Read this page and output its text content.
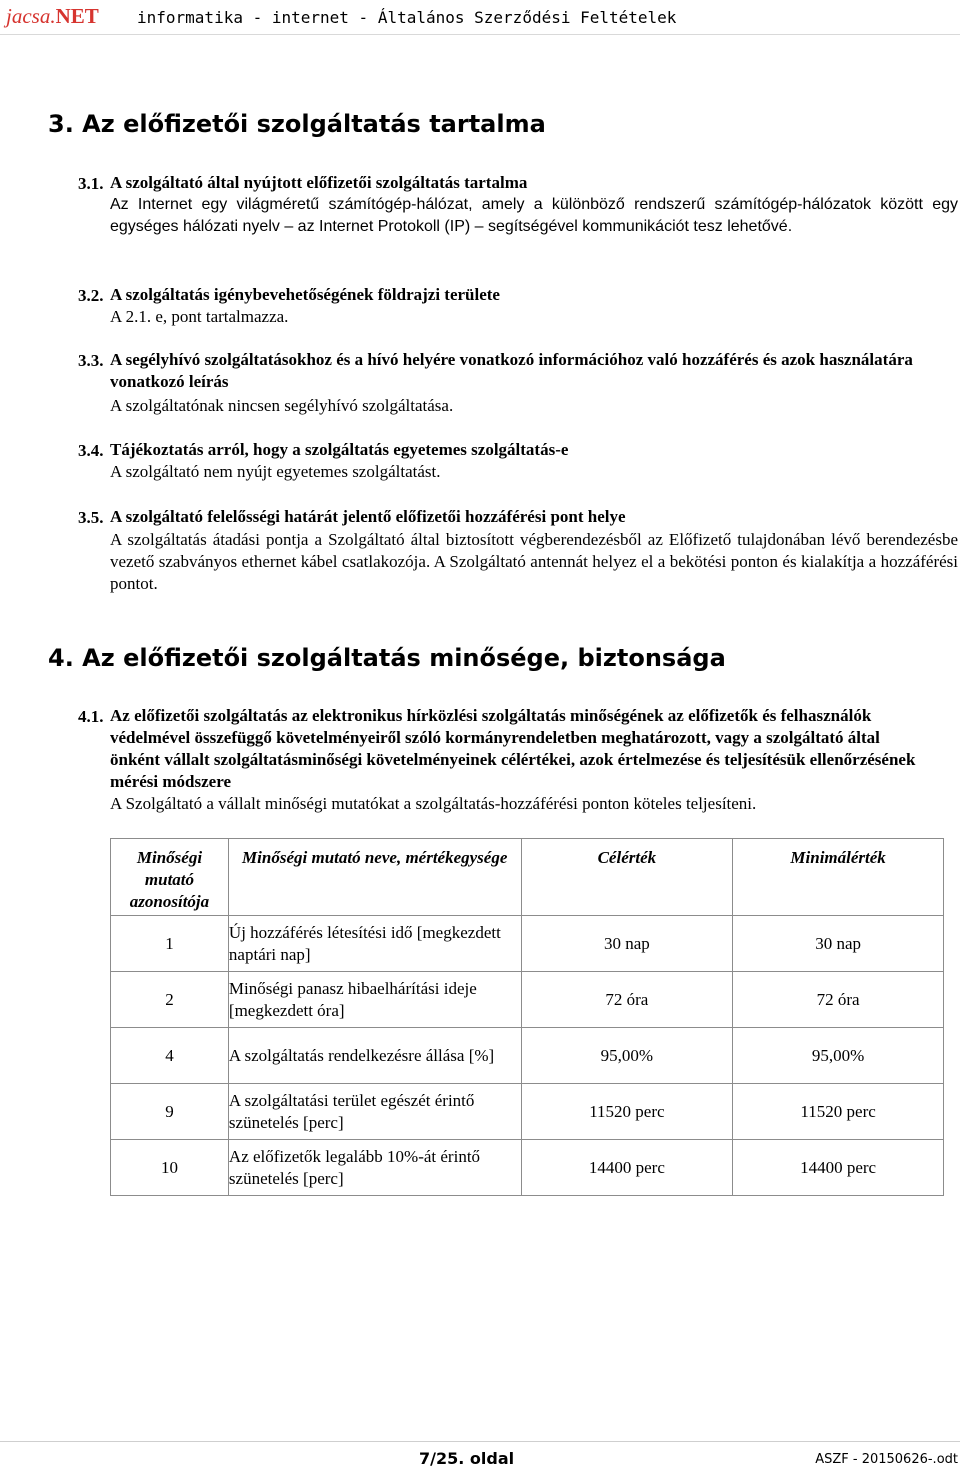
jacsa.NET informatika - internet - Általános Szerződési Feltételek
3. Az előfizetői szolgáltatás tartalma
3.1. A szolgáltató által nyújtott előfizetői szolgáltatás tartalma
Az Internet egy világméretű számítógép-hálózat, amely a különböző rendszerű számítógép-hálózatok között egy egységes hálózati nyelv – az Internet Protokoll (IP) – segítségével kommunikációt tesz lehetővé.
3.2. A szolgáltatás igénybevehetőségének földrajzi területe
A 2.1. e, pont tartalmazza.
3.3. A segélyhívó szolgáltatásokhoz és a hívó helyére vonatkozó információhoz való hozzáférés és azok használatára vonatkozó leírás
A szolgáltatónak nincsen segélyhívó szolgáltatása.
3.4. Tájékoztatás arról, hogy a szolgáltatás egyetemes szolgáltatás-e
A szolgáltató nem nyújt egyetemes szolgáltatást.
3.5. A szolgáltató felelősségi határát jelentő előfizetői hozzáférési pont helye
A szolgáltatás átadási pontja a Szolgáltató által biztosított végberendezésből az Előfizető tulajdonában lévő berendezésbe vezető szabványos ethernet kábel csatlakozója. A Szolgáltató antennát helyez el a bekötési ponton és kialakítja a hozzáférési pontot.
4. Az előfizetői szolgáltatás minősége, biztonsága
4.1. Az előfizetői szolgáltatás az elektronikus hírközlési szolgáltatás minőségének az előfizetők és felhasználók védelmével összefüggő követelményeiről szóló kormányrendeletben meghatározott, vagy a szolgáltató által önként vállalt szolgáltatásminőségi követelményeinek célértékei, azok értelmezése és teljesítésük ellenőrzésének mérési módszere
A Szolgáltató a vállalt minőségi mutatókat a szolgáltatás-hozzáférési ponton köteles teljesíteni.
Minőségi mutató azonosítója	Minőségi mutató neve, mértékegysége	Célérték	Minimálérték
1	Új hozzáférés létesítési idő [megkezdett naptári nap]	30 nap	30 nap
2	Minőségi panasz hibaelhárítási ideje [megkezdett óra]	72 óra	72 óra
4	A szolgáltatás rendelkezésre állása [%]	95,00%	95,00%
9	A szolgáltatási terület egészét érintő szünetelés [perc]	11520 perc	11520 perc
10	Az előfizetők legalább 10%-át érintő szünetelés [perc]	14400 perc	14400 perc
7/25. oldal	ASZF - 20150626-.odt
